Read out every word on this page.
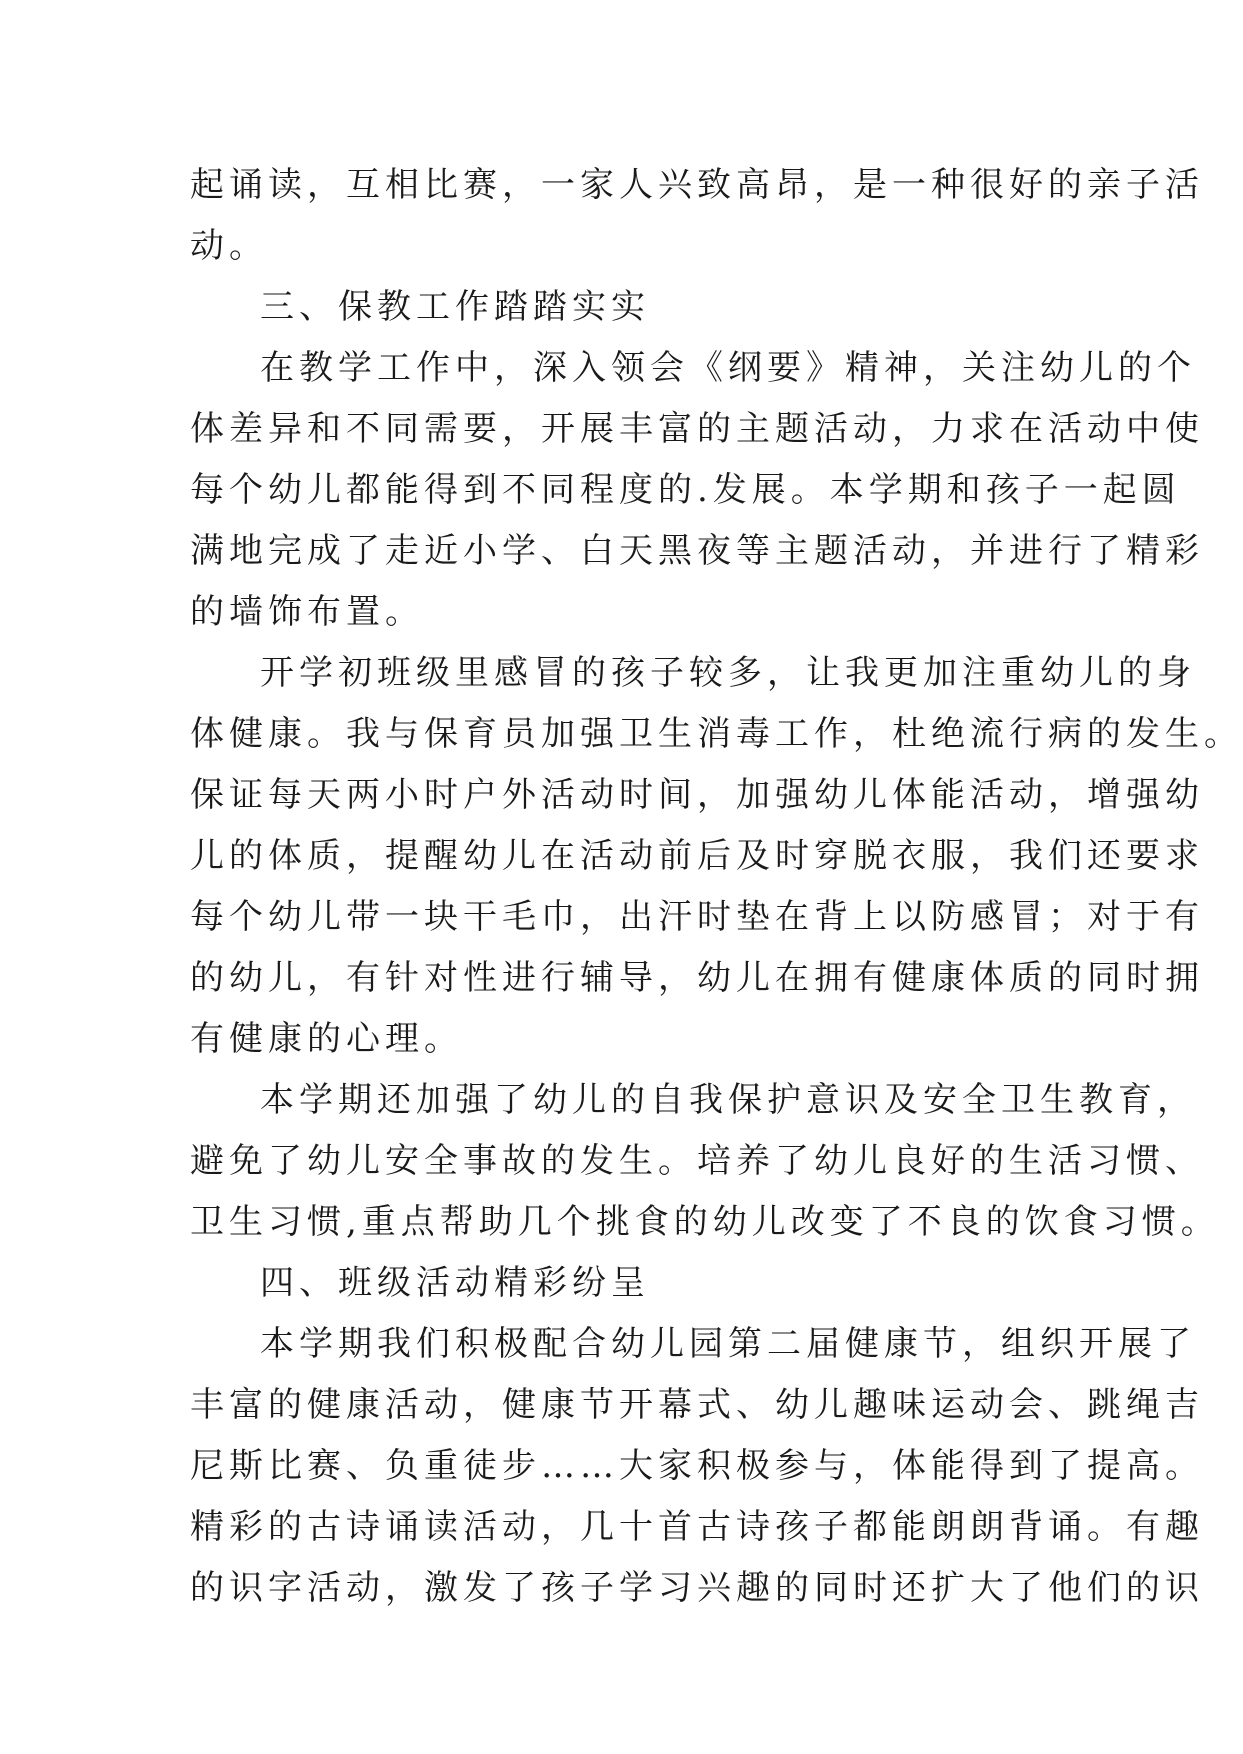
起诵读，互相比赛，一家人兴致高昂，是一种很好的亲子活
动。
三、保教工作踏踏实实
在教学工作中，深入领会《纲要》精神，关注幼儿的个
体差异和不同需要，开展丰富的主题活动，力求在活动中使
每个幼儿都能得到不同程度的.发展。本学期和孩子一起圆
满地完成了走近小学、白天黑夜等主题活动，并进行了精彩
的墙饰布置。
开学初班级里感冒的孩子较多，让我更加注重幼儿的身
体健康。我与保育员加强卫生消毒工作，杜绝流行病的发生。
保证每天两小时户外活动时间，加强幼儿体能活动，增强幼
儿的体质，提醒幼儿在活动前后及时穿脱衣服，我们还要求
每个幼儿带一块干毛巾，出汗时垫在背上以防感冒；对于有
的幼儿，有针对性进行辅导，幼儿在拥有健康体质的同时拥
有健康的心理。
本学期还加强了幼儿的自我保护意识及安全卫生教育，
避免了幼儿安全事故的发生。培养了幼儿良好的生活习惯、
卫生习惯,重点帮助几个挑食的幼儿改变了不良的饮食习惯。
四、班级活动精彩纷呈
本学期我们积极配合幼儿园第二届健康节，组织开展了
丰富的健康活动，健康节开幕式、幼儿趣味运动会、跳绳吉
尼斯比赛、负重徒步……大家积极参与，体能得到了提高。
精彩的古诗诵读活动，几十首古诗孩子都能朗朗背诵。有趣
的识字活动，激发了孩子学习兴趣的同时还扩大了他们的识
